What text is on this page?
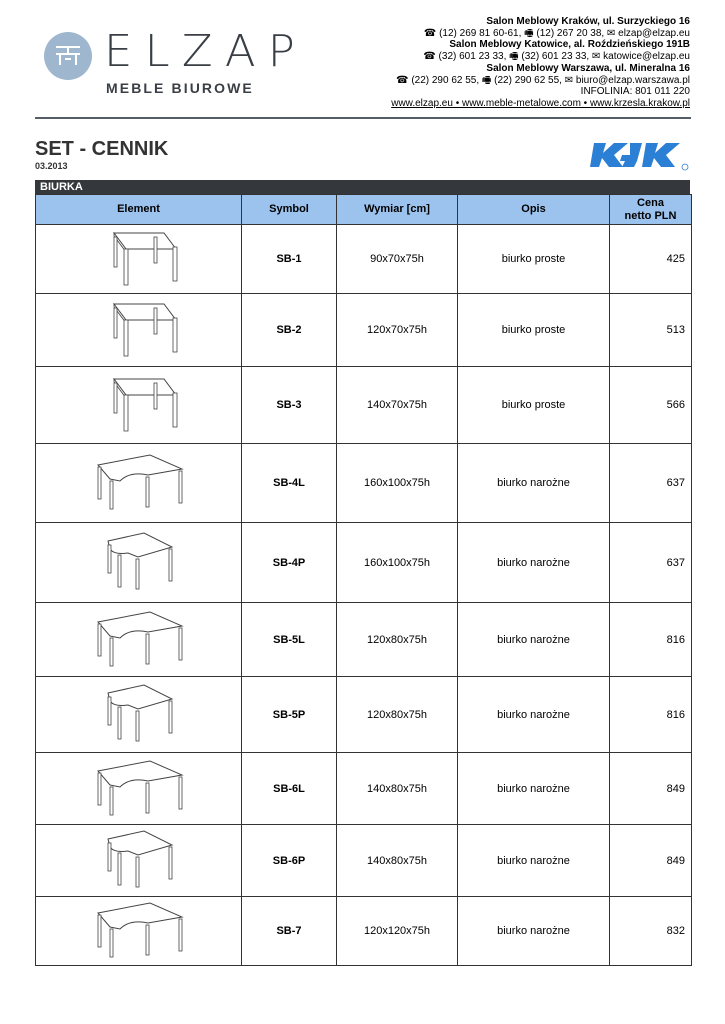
ELZAP
MEBLE BIUROWE
Salon Meblowy Kraków, ul. Surzyckiego 16
☎ (12) 269 81 60-61, 🖷 (12) 267 20 38, ✉ elzap@elzap.eu
Salon Meblowy Katowice, al. Roździeńskiego 191B
☎ (32) 601 23 33, 🖷 (32) 601 23 33, ✉ katowice@elzap.eu
Salon Meblowy Warszawa, ul. Mineralna 16
☎ (22) 290 62 55, 🖷 (22) 290 62 55, ✉ biuro@elzap.warszawa.pl
INFOLINIA: 801 011 220
www.elzap.eu • www.meble-metalowe.com • www.krzesla.krakow.pl
SET - CENNIK
03.2013
BIURKA
Element	Symbol	Wymiar [cm]	Opis	Cena
netto PLN

	SB-1	90x70x75h	biurko proste	425

	SB-2	120x70x75h	biurko proste	513

	SB-3	140x70x75h	biurko proste	566

	SB-4L	160x100x75h	biurko narożne	637

	SB-4P	160x100x75h	biurko narożne	637

	SB-5L	120x80x75h	biurko narożne	816

	SB-5P	120x80x75h	biurko narożne	816

	SB-6L	140x80x75h	biurko narożne	849

	SB-6P	140x80x75h	biurko narożne	849

	SB-7	120x120x75h	biurko narożne	832
